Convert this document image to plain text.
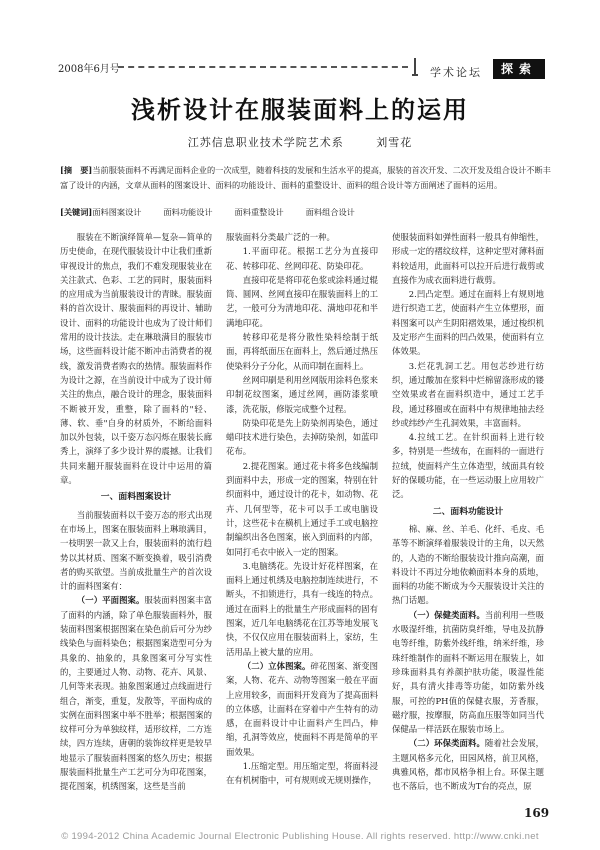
2008年6月号	学术论坛	探索
浅析设计在服装面料上的运用
江苏信息职业技术学院艺术系	刘雪花
[摘　要]当前服装面料不再满足面料企业的一次成型，随着科技的发展和生活水平的提高，服装的首次开发、二次开发及组合设计不断丰富了设计的内涵，文章从面料的图案设计、面料的功能设计、面料的重整设计、面料的组合设计等方面阐述了面料的运用。
[关键词]面料图案设计	面料功能设计	面料重整设计	面料组合设计

服装在不断演绎简单—复杂—简单的历史使命，在现代服装设计中让我们重新审视设计的焦点，我们不难发现服装业在关注款式、色彩、工艺的同时，服装面料的应用成为当前服装设计的青睐。服装面料的首次设计、服装面料的再设计、辅助设计、面料的功能设计也成为了设计师们常用的设计技法。走在琳琅满目的服装市场，这些面料设计能不断冲击消费者的视线，激发消费者购衣的热情。服装面料作为设计之源，在当前设计中成为了设计师关注的焦点，融合设计的理念，服装面料不断被开发，重整，除了面料的"轻、薄、软、垂"自身的材质外，不断给面料加以外包装，以千姿万态闪烁在服装长廊秀上，演绎了多少设计界的震撼。让我们共同来翻开服装面料在设计中运用的篇章。

一、面料图案设计

当前服装面料以千姿万态的形式出现在市场上，图案在服装面料上琳琅满目，一枝明罢一款又上台，服装面料的流行趋势以其材质、图案不断变换着，吸引消费者的购买欲望。当前成批量生产的首次设计的面料图案有：

（一）平面图案。服装面料图案丰富了面料的内涵，除了单色服装面料外，服装面料图案根据图案在染色前后可分为纱线染色与面料染色；根据图案造型可分为具象的、抽象的，具象图案可分写实性的，主要通过人物、动物、花卉、风景、几何等来表现。抽象图案通过点线面进行组合，渐变，重复，发散等，平面构成的实例在面料图案中举不胜举；根据图案的纹样可分为单独纹样，适形纹样，二方连续，四方连续，唐朝的装饰纹样更是较早地显示了服装面料图案的悠久历史；根据服装面料批量生产工艺可分为印花图案，提花图案，机绣图案，这些是当前

服装面料分类最广泛的一种。

1.平面印花。根据工艺分为直接印花、转移印花、丝网印花、防染印花。

直接印花是将印花色浆或涂料通过辊筒、圆网、丝网直接印在服装面料上的工艺，一般可分为清地印花、满地印花和半满地印花。

转移印花是将分散性染料绘制于纸面，再将纸面压在面料上，然后通过热压使染料分子分化，从而印制在面料上。

丝网印刷是利用丝网版用涂料色浆来印制花纹图案，通过丝网，画防漆浆喷漆，洗花版，修版完成整个过程。

防染印花是先上防染剂再染色，通过蜡印技术进行染色，去掉防染剂，如蓝印花布。

2.提花图案。通过花卡将多色线编制到面料中去，形成一定的图案，特别在针织面料中，通过设计的花卡，如动物、花卉、几何型等，花卡可以手工或电脑设计，这些花卡在横机上通过手工或电脑控制编织出各色图案，嵌入到面料的内部，如同打毛衣中嵌入一定的图案。

3.电脑绣花。先设计好花样图案，在面料上通过机绣及电脑控制连续进行，不断头，不扣锁进行，具有一线连的特点。通过在面料上的批量生产形成面料的固有图案，近几年电脑绣花在江苏等地发展飞快，不仅仅应用在服装面料上，家纺，生活用品上被大量的应用。

（二）立体图案。碎花图案、渐变图案，人物、花卉、动物等图案一般在平面上应用较多，而面料开发商为了提高面料的立体感，让面料在穿着中产生特有的动感，在面料设计中让面料产生凹凸，伸缩，孔洞等效应，使面料不再是简单的平面效果。

1.压缩定型。用压缩定型，将面料浸在有机树脂中，可有规则或无规则操作，

使服装面料如弹性面料一般具有伸缩性，形成一定的褶纹纹样，这种定型对薄料面料较适用，此面料可以拉开后进行裁剪或直接作为成衣面料进行裁剪。

2.凹凸定型。通过在面料上有规则地进行织造工艺，使面料产生立体塑形，面料图案可以产生阴阳褶效果，通过梭织机及定形产生面料的凹凸效果，使面料有立体效果。

3.烂花乳洞工艺。用包芯纱进行纺织，通过酸加在浆料中烂棉留涤形成的镂空效果或者在面料织造中，通过工艺手段，通过移圈或在面料中有规律地抽去经纱或纬纱产生孔洞效果，丰富面料。

4.拉绒工艺。在针织面料上进行较多，特别是一些绒布，在面料的一面进行拉绒，使面料产生立体造型，绒面具有较好的保暖功能，在一些运动服上应用较广泛。

二、面料功能设计

棉、麻、丝、羊毛、化纤、毛皮、毛革等不断演绎着服装设计的主角，以天然的，人造的不断给服装设计推向高潮，面料设计不再过分地依赖面料本身的质地，面料的功能不断成为今天服装设计关注的热门话题。

（一）保健类面料。当前利用一些吸水吸湿纤维，抗菌防臭纤维，导电及抗静电等纤维，防紫外线纤维，纳米纤维，珍珠纤维制作的面料不断运用在服装上，如珍珠面料具有养颜护肤功能，吸湿性能好，具有清火排毒等功能，如防紫外线服，可控的PH值的保健衣服，芳香服，磁疗服，按摩服，防高血压服等如同当代保健品一样活跃在服装市场上。

（二）环保类面料。随着社会发展，主题风格多元化，田园风格，前卫风格，典雅风格，都市风格争相上台。环保主题也不落后，也不断成为T台的亮点，原

169
© 1994-2012 China Academic Journal Electronic Publishing House. All rights reserved. http://www.cnki.net
